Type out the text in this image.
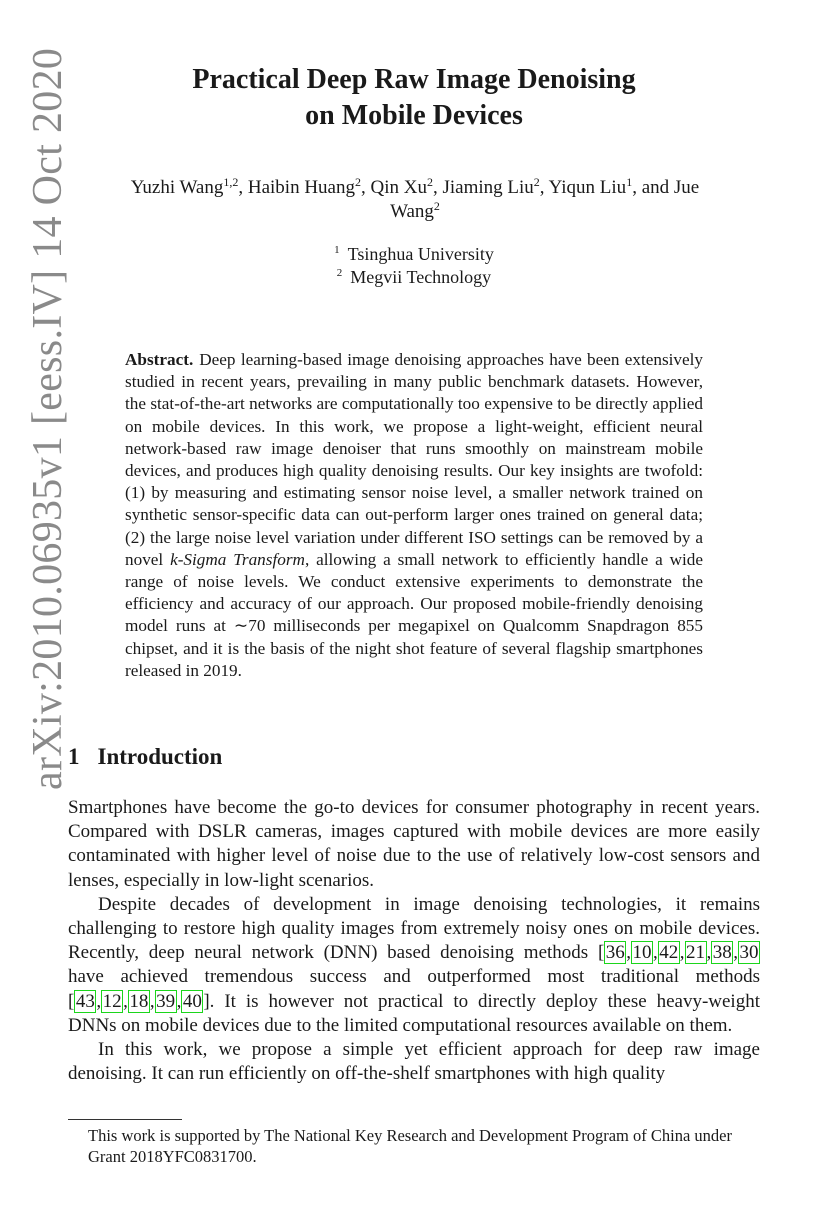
arXiv:2010.06935v1 [eess.IV] 14 Oct 2020	Practical Deep Raw Image Denoising
on Mobile Devices
Yuzhi Wang$^{1,2}$, Haibin Huang$^2$, Qin Xu$^2$, Jiaming Liu$^2$, Yiqun Liu$^1$, and Jue
Wang$^2$
$^1$ Tsinghua University
$^2$ Megvii Technology
Abstract. Deep learning-based image denoising approaches have been extensively studied in recent years, prevailing in many public benchmark datasets. However, the stat-of-the-art networks are computationally too expensive to be directly applied on mobile devices. In this work, we propose a light-weight, efficient neural network-based raw image denoiser that runs smoothly on mainstream mobile devices, and produces high quality denoising results. Our key insights are twofold: (1) by measuring and estimating sensor noise level, a smaller network trained on synthetic sensor-specific data can out-perform larger ones trained on general data; (2) the large noise level variation under different ISO settings can be removed by a novel k-Sigma Transform, allowing a small network to efficiently handle a wide range of noise levels. We conduct extensive experiments to demonstrate the efficiency and accuracy of our approach. Our proposed mobile-friendly denoising model runs at ∼70 milliseconds per megapixel on Qualcomm Snapdragon 855 chipset, and it is the basis of the night shot feature of several flagship smartphones released in 2019.
1 Introduction

Smartphones have become the go-to devices for consumer photography in recent years. Compared with DSLR cameras, images captured with mobile devices are more easily contaminated with higher level of noise due to the use of relatively low-cost sensors and lenses, especially in low-light scenarios.

Despite decades of development in image denoising technologies, it remains challenging to restore high quality images from extremely noisy ones on mobile devices. Recently, deep neural network (DNN) based denoising methods [36,10,42,21,38,30 have achieved tremendous success and outperformed most traditional methods [43,12,18,39,40]. It is however not practical to directly deploy these heavy-weight DNNs on mobile devices due to the limited computational resources available on them.

In this work, we propose a simple yet efficient approach for deep raw image denoising. It can run efficiently on off-the-shelf smartphones with high quality

This work is supported by The National Key Research and Development Program of China under Grant 2018YFC0831700.
